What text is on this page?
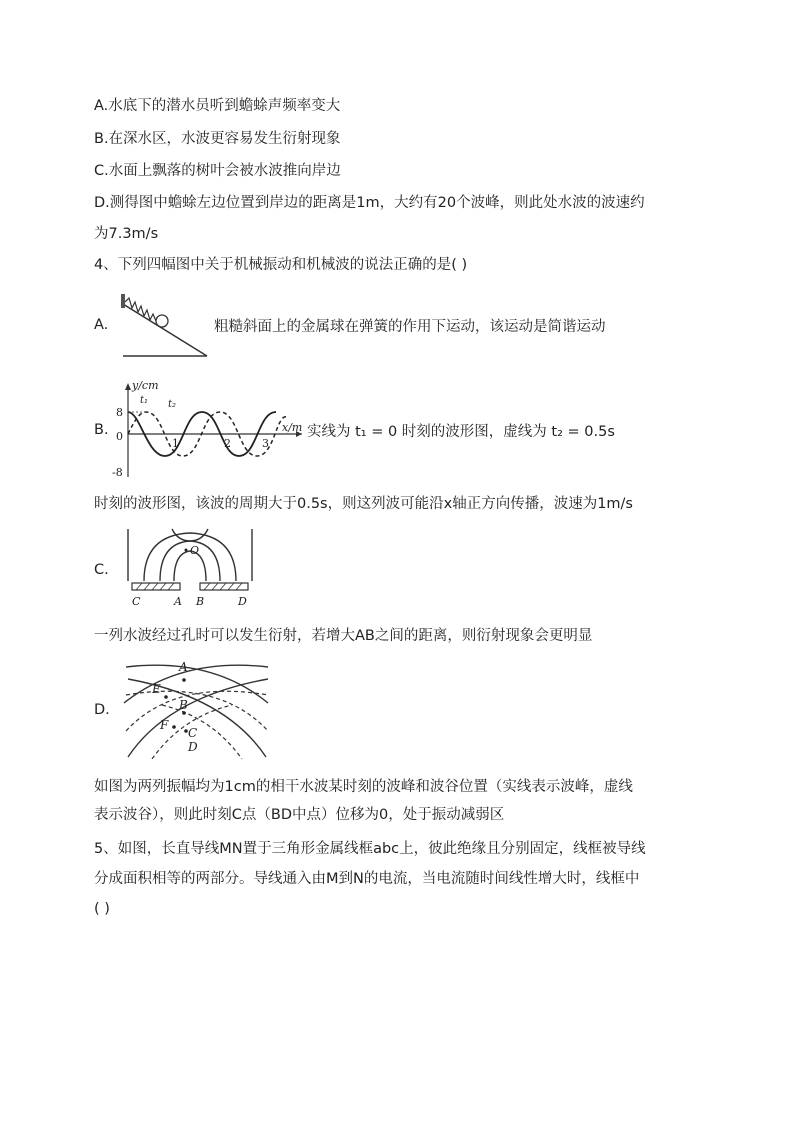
A.水底下的潜水员听到蟾蜍声频率变大
B.在深水区，水波更容易发生衍射现象
C.水面上飘落的树叶会被水波推向岸边
D.测得图中蟾蜍左边位置到岸边的距离是1m，大约有20个波峰，则此处水波的波速约
为7.3m/s
4、下列四幅图中关于机械振动和机械波的说法正确的是( )
A.	粗糙斜面上的金属球在弹簧的作用下运动，该运动是简谐运动
B.
y/cm
x/m
8
0
-8
1	2	3
t₁ t₂
实线为 t₁ = 0 时刻的波形图，虚线为 t₂ = 0.5s
时刻的波形图，该波的周期大于0.5s，则这列波可能沿x轴正方向传播，波速为1m/s
C.
O
C	A B	D
一列水波经过孔时可以发生衍射，若增大AB之间的距离，则衍射现象会更明显
D.
A
E
B
F
C
D
如图为两列振幅均为1cm的相干水波某时刻的波峰和波谷位置（实线表示波峰，虚线
表示波谷），则此时刻C点（BD中点）位移为0，处于振动减弱区
5、如图，长直导线MN置于三角形金属线框abc上，彼此绝缘且分别固定，线框被导线
分成面积相等的两部分。导线通入由M到N的电流，当电流随时间线性增大时，线框中
( )
